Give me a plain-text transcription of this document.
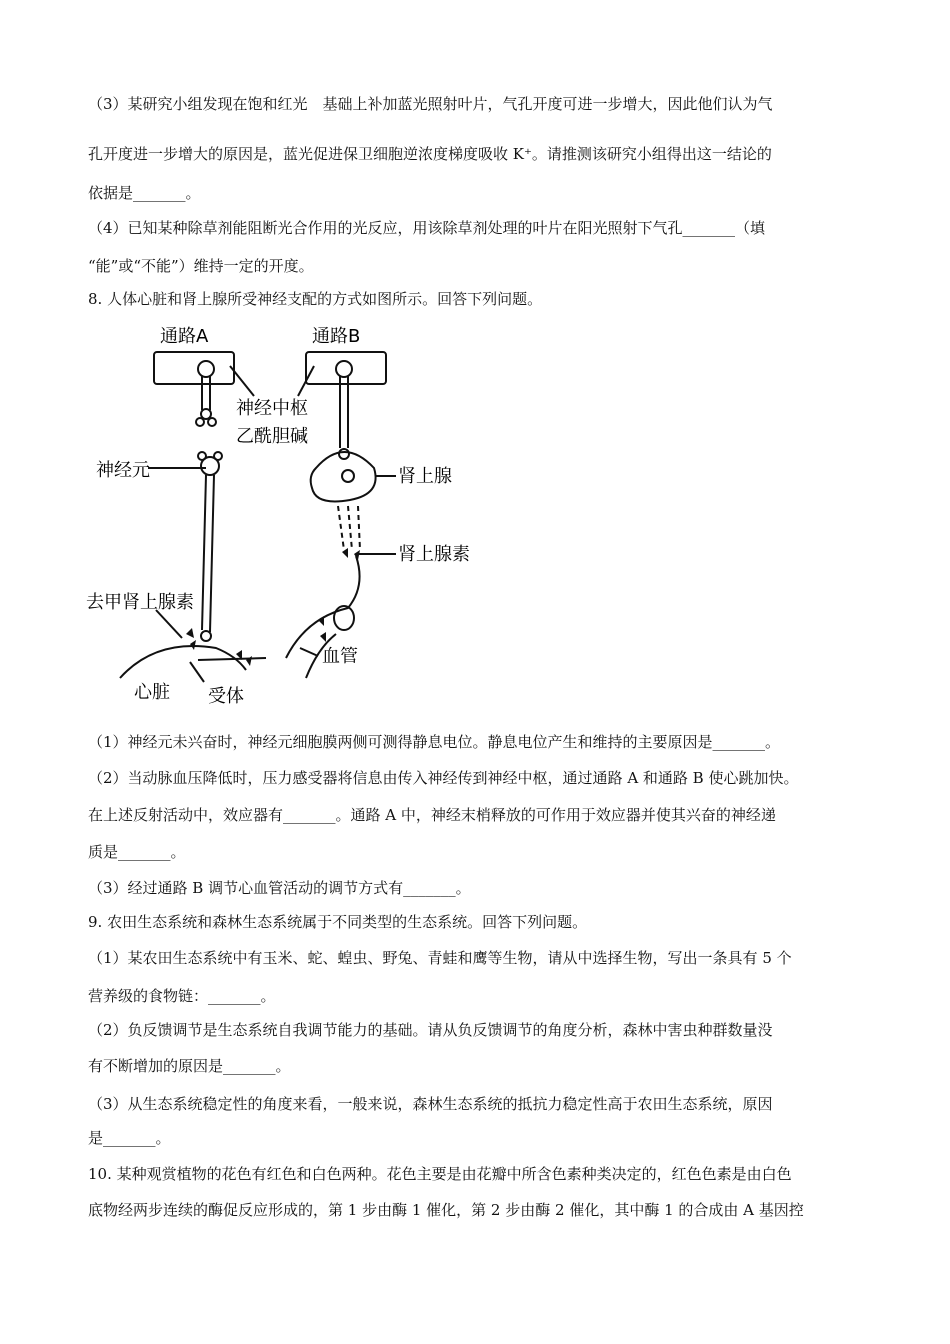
（3）某研究小组发现在饱和红光　基础上补加蓝光照射叶片，气孔开度可进一步增大，因此他们认为气
孔开度进一步增大的原因是，蓝光促进保卫细胞逆浓度梯度吸收 K⁺。请推测该研究小组得出这一结论的
依据是_______。
（4）已知某种除草剂能阻断光合作用的光反应，用该除草剂处理的叶片在阳光照射下气孔_______（填
“能”或“不能”）维持一定的开度。
8. 人体心脏和肾上腺所受神经支配的方式如图所示。回答下列问题。
通路A	通路B
神经中枢
乙酰胆碱
神经元	肾上腺
肾上腺素
去甲肾上腺素
血管
心脏 受体
（1）神经元未兴奋时，神经元细胞膜两侧可测得静息电位。静息电位产生和维持的主要原因是_______。
（2）当动脉血压降低时，压力感受器将信息由传入神经传到神经中枢，通过通路 A 和通路 B 使心跳加快。
在上述反射活动中，效应器有_______。通路 A 中，神经末梢释放的可作用于效应器并使其兴奋的神经递
质是_______。
（3）经过通路 B 调节心血管活动的调节方式有_______。
9. 农田生态系统和森林生态系统属于不同类型的生态系统。回答下列问题。
（1）某农田生态系统中有玉米、蛇、蝗虫、野兔、青蛙和鹰等生物，请从中选择生物，写出一条具有 5 个
营养级的食物链：_______。
（2）负反馈调节是生态系统自我调节能力的基础。请从负反馈调节的角度分析，森林中害虫种群数量没
有不断增加的原因是_______。
（3）从生态系统稳定性的角度来看，一般来说，森林生态系统的抵抗力稳定性高于农田生态系统，原因
是_______。
10. 某种观赏植物的花色有红色和白色两种。花色主要是由花瓣中所含色素种类决定的，红色色素是由白色
底物经两步连续的酶促反应形成的，第 1 步由酶 1 催化，第 2 步由酶 2 催化，其中酶 1 的合成由 A 基因控
